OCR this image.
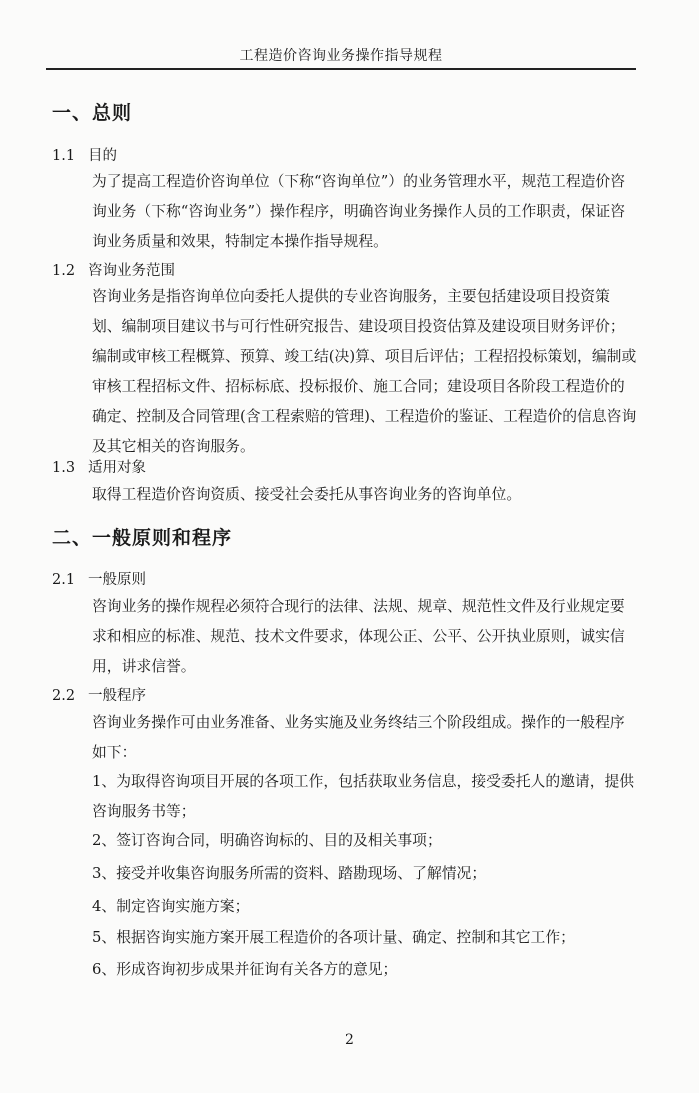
工程造价咨询业务操作指导规程
一、总则
1.1 目的
为了提高工程造价咨询单位（下称“咨询单位”）的业务管理水平，规范工程造价咨询业务（下称“咨询业务”）操作程序，明确咨询业务操作人员的工作职责，保证咨询业务质量和效果，特制定本操作指导规程。
1.2 咨询业务范围
咨询业务是指咨询单位向委托人提供的专业咨询服务，主要包括建设项目投资策划、编制项目建议书与可行性研究报告、建设项目投资估算及建设项目财务评价；编制或审核工程概算、预算、竣工结(决)算、项目后评估；工程招投标策划，编制或审核工程招标文件、招标标底、投标报价、施工合同；建设项目各阶段工程造价的确定、控制及合同管理(含工程索赔的管理)、工程造价的鉴证、工程造价的信息咨询及其它相关的咨询服务。
1.3 适用对象
取得工程造价咨询资质、接受社会委托从事咨询业务的咨询单位。
二、一般原则和程序
2.1 一般原则
咨询业务的操作规程必须符合现行的法律、法规、规章、规范性文件及行业规定要求和相应的标准、规范、技术文件要求，体现公正、公平、公开执业原则，诚实信用，讲求信誉。
2.2 一般程序
咨询业务操作可由业务准备、业务实施及业务终结三个阶段组成。操作的一般程序如下：
1、为取得咨询项目开展的各项工作，包括获取业务信息，接受委托人的邀请，提供咨询服务书等；
2、签订咨询合同，明确咨询标的、目的及相关事项；
3、接受并收集咨询服务所需的资料、踏勘现场、了解情况；
4、制定咨询实施方案；
5、根据咨询实施方案开展工程造价的各项计量、确定、控制和其它工作；
6、形成咨询初步成果并征询有关各方的意见；
2
